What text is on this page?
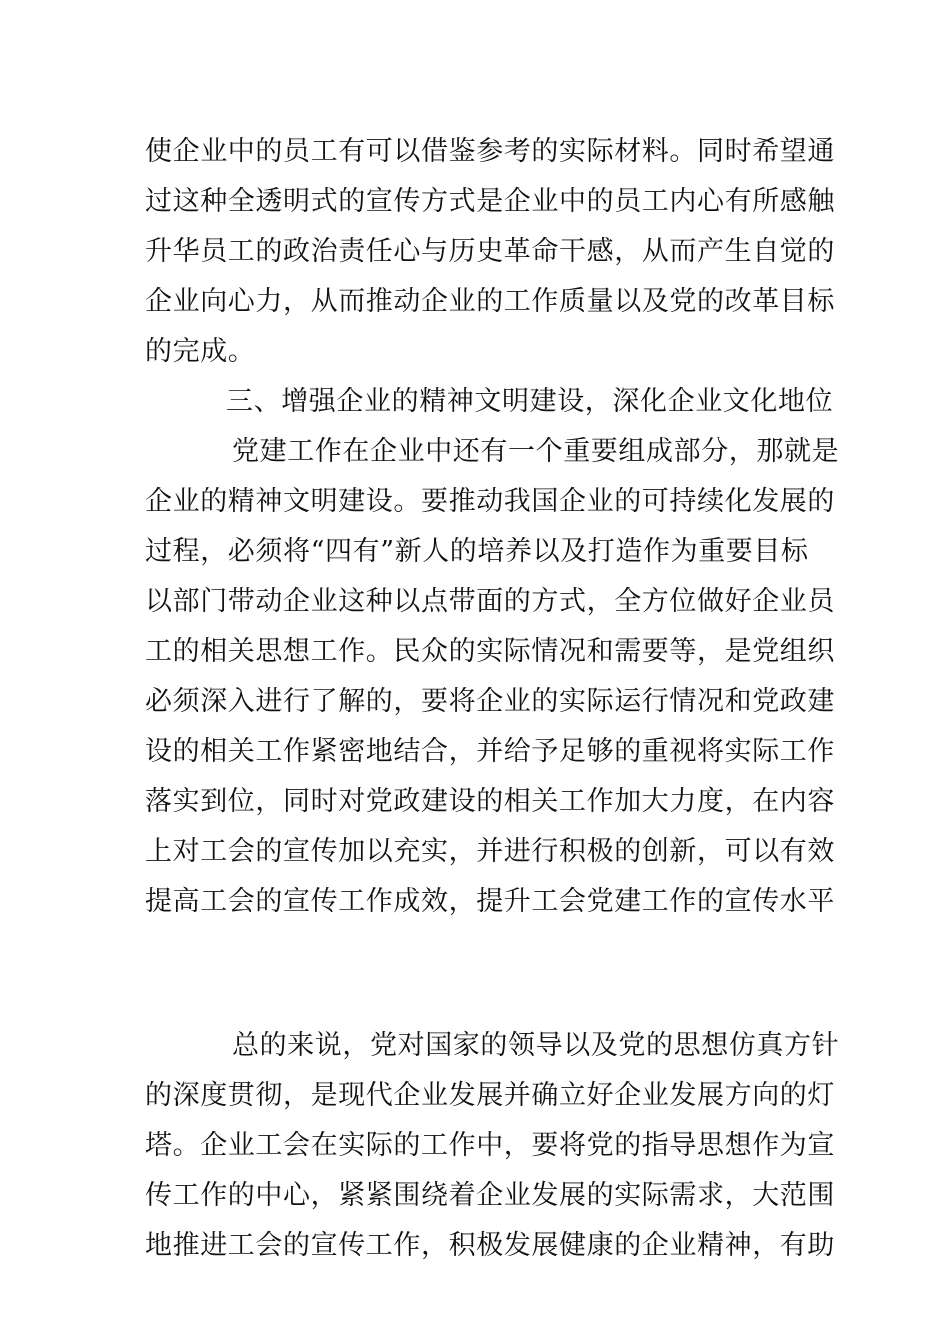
使企业中的员工有可以借鉴参考的实际材料。同时希望通
过这种全透明式的宣传方式是企业中的员工内心有所感触
升华员工的政治责任心与历史革命干感，从而产生自觉的
企业向心力，从而推动企业的工作质量以及党的改革目标
的完成。
三、增强企业的精神文明建设，深化企业文化地位
党建工作在企业中还有一个重要组成部分，那就是
企业的精神文明建设。要推动我国企业的可持续化发展的
过程，必须将“四有”新人的培养以及打造作为重要目标
以部门带动企业这种以点带面的方式，全方位做好企业员
工的相关思想工作。民众的实际情况和需要等，是党组织
必须深入进行了解的，要将企业的实际运行情况和党政建
设的相关工作紧密地结合，并给予足够的重视将实际工作
落实到位，同时对党政建设的相关工作加大力度，在内容
上对工会的宣传加以充实，并进行积极的创新，可以有效
提高工会的宣传工作成效，提升工会党建工作的宣传水平
总的来说，党对国家的领导以及党的思想仿真方针
的深度贯彻，是现代企业发展并确立好企业发展方向的灯
塔。企业工会在实际的工作中，要将党的指导思想作为宣
传工作的中心，紧紧围绕着企业发展的实际需求，大范围
地推进工会的宣传工作，积极发展健康的企业精神，有助
